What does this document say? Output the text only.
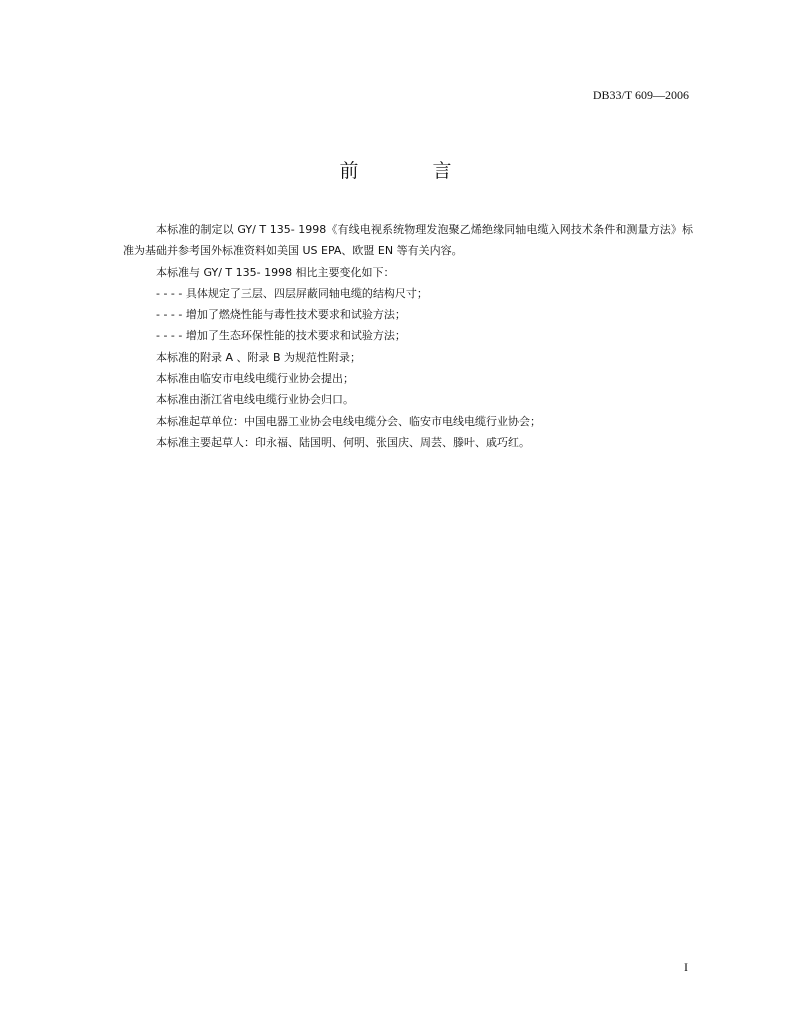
DB33/T 609—2006
前 言

本标准的制定以 GY/ T 135- 1998《有线电视系统物理发泡聚乙烯绝缘同轴电缆入网技术条件和测量方法》标准为基础并参考国外标准资料如美国 US EPA、欧盟 EN 等有关内容。

本标准与 GY/ T 135- 1998 相比主要变化如下：

- - - - 具体规定了三层、四层屏蔽同轴电缆的结构尺寸；

- - - - 增加了燃烧性能与毒性技术要求和试验方法；

- - - - 增加了生态环保性能的技术要求和试验方法；

本标准的附录 A 、附录 B 为规范性附录；

本标准由临安市电线电缆行业协会提出；

本标准由浙江省电线电缆行业协会归口。

本标准起草单位：中国电器工业协会电线电缆分会、临安市电线电缆行业协会；

本标准主要起草人：印永福、陆国明、何明、张国庆、周芸、滕叶、戚巧红。

I
